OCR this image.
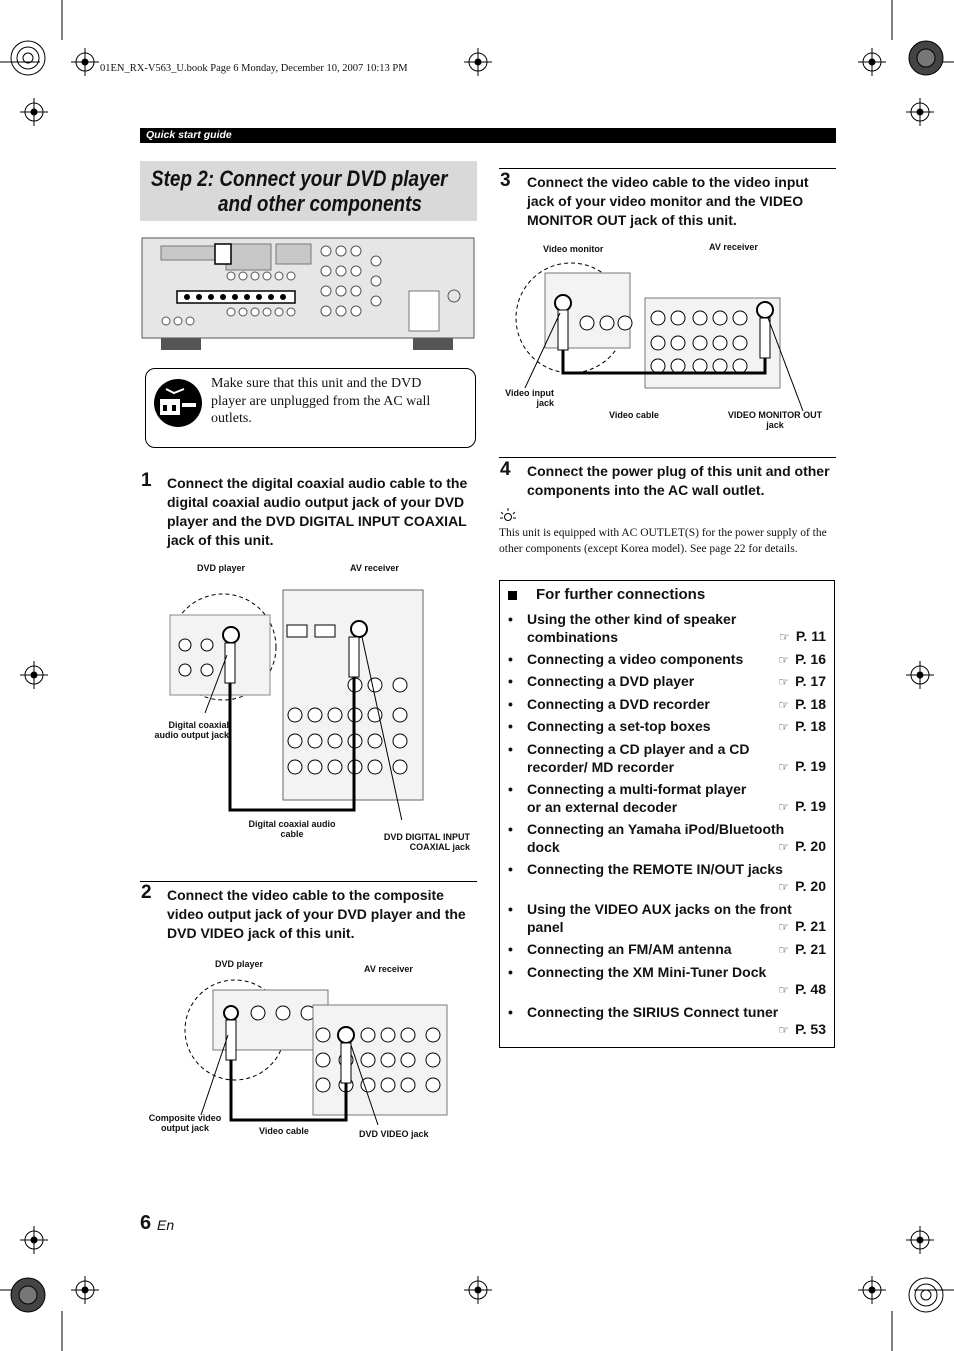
01EN_RX-V563_U.book Page 6 Monday, December 10, 2007 10:13 PM
Quick start guide
Step 2: Connect your DVD player
and other components
Make sure that this unit and the DVD player are unplugged from the AC wall outlets.
1 Connect the digital coaxial audio cable to the digital coaxial audio output jack of your DVD player and the DVD DIGITAL INPUT COAXIAL jack of this unit.
DVD player	AV receiver
Digital coaxial audio output jack
Digital coaxial audio cable	DVD DIGITAL INPUT COAXIAL jack
2 Connect the video cable to the composite video output jack of your DVD player and the DVD VIDEO jack of this unit.
DVD player	AV receiver
Composite video output jack	Video cable	DVD VIDEO jack
3 Connect the video cable to the video input jack of your video monitor and the VIDEO MONITOR OUT jack of this unit.
Video monitor	AV receiver
Video input jack
Video cable	VIDEO MONITOR OUT jack
4 Connect the power plug of this unit and other components into the AC wall outlet.
This unit is equipped with AC OUTLET(S) for the power supply of the other components (except Korea model). See page 22 for details.
For further connections
• Using the other kind of speaker combinations	☞ P. 11
• Connecting a video components	☞ P. 16
• Connecting a DVD player	☞ P. 17
• Connecting a DVD recorder	☞ P. 18
• Connecting a set-top boxes	☞ P. 18
• Connecting a CD player and a CD recorder/ MD recorder	☞ P. 19
• Connecting a multi-format player or an external decoder	☞ P. 19
• Connecting an Yamaha iPod/Bluetooth dock	☞ P. 20
• Connecting the REMOTE IN/OUT jacks
☞ P. 20
• Using the VIDEO AUX jacks on the front panel	☞ P. 21
• Connecting an FM/AM antenna	☞ P. 21
• Connecting the XM Mini-Tuner Dock
☞ P. 48
• Connecting the SIRIUS Connect tuner
☞ P. 53
6 En
